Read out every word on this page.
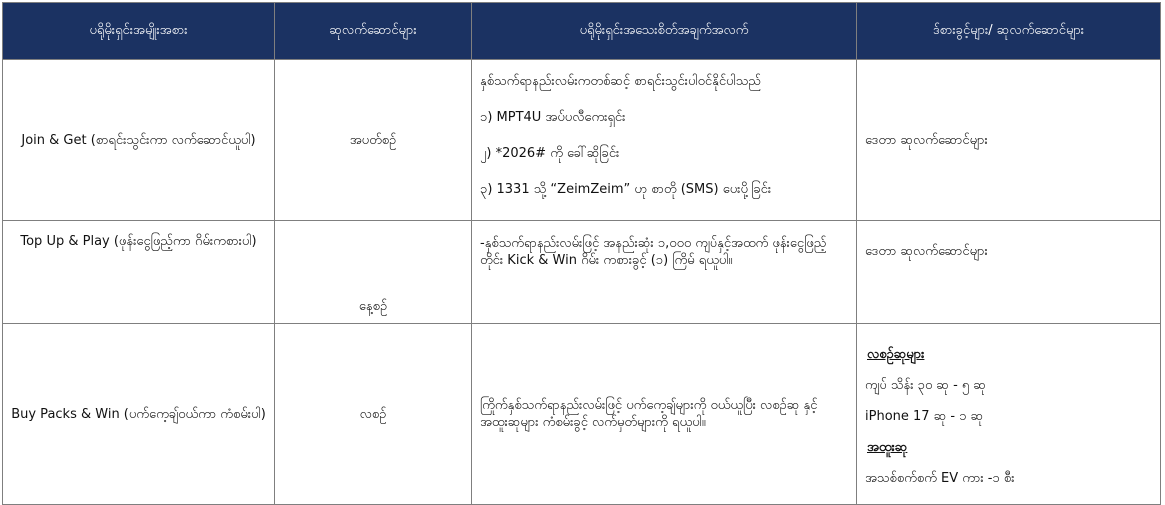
ပရိုမိုးရှင်းအမျိုးအစား	ဆုလက်ဆောင်များ	ပရိုမိုးရှင်းအသေးစိတ်အချက်အလက်	ဒ်စားခွင့်များ/ ဆုလက်ဆောင်များ
Join & Get (စာရင်းသွင်းကာ လက်ဆောင်ယူပါ)	အပတ်စဉ်	နှစ်သက်ရာနည်းလမ်းကတစ်ဆင့် စာရင်းသွင်းပါဝင်နိုင်ပါသည်

၁) MPT4U အပ်ပလီကေးရှင်း

၂) *2026# ကို ခေါ်ဆိုခြင်း

၃) 1331 သို့ “ZeimZeim” ဟု စာတို (SMS) ပေးပို့ခြင်း	ဒေတာ ဆုလက်ဆောင်များ
Top Up & Play (ဖုန်းငွေဖြည့်ကာ ဂိမ်းကစားပါ)	နေ့စဉ်	-နှစ်သက်ရာနည်းလမ်းဖြင့် အနည်းဆုံး ၁,၀၀၀ ကျပ်နှင့်အထက် ဖုန်းငွေဖြည့်တိုင်း Kick & Win ဂိမ်း ကစားခွင့် (၁) ကြိမ် ရယူပါ။	ဒေတာ ဆုလက်ဆောင်များ
Buy Packs & Win (ပက်ကေ့ချ်ဝယ်ကာ ကံစမ်းပါ)	လစဉ်	ကြိုက်နှစ်သက်ရာနည်းလမ်းဖြင့် ပက်ကေ့ချ်များကို ဝယ်ယူပြီး လစဉ်ဆု နှင့် အထူးဆုများ ကံစမ်းခွင့် လက်မှတ်များကို ရယူပါ။	လစဉ်ဆုများ

ကျပ် သိန်း ၃၀ ဆု - ၅ ဆု

iPhone 17 ဆု - ၁ ဆု

အထူးဆု

အသစ်စက်စက် EV ကား -၁ စီး
